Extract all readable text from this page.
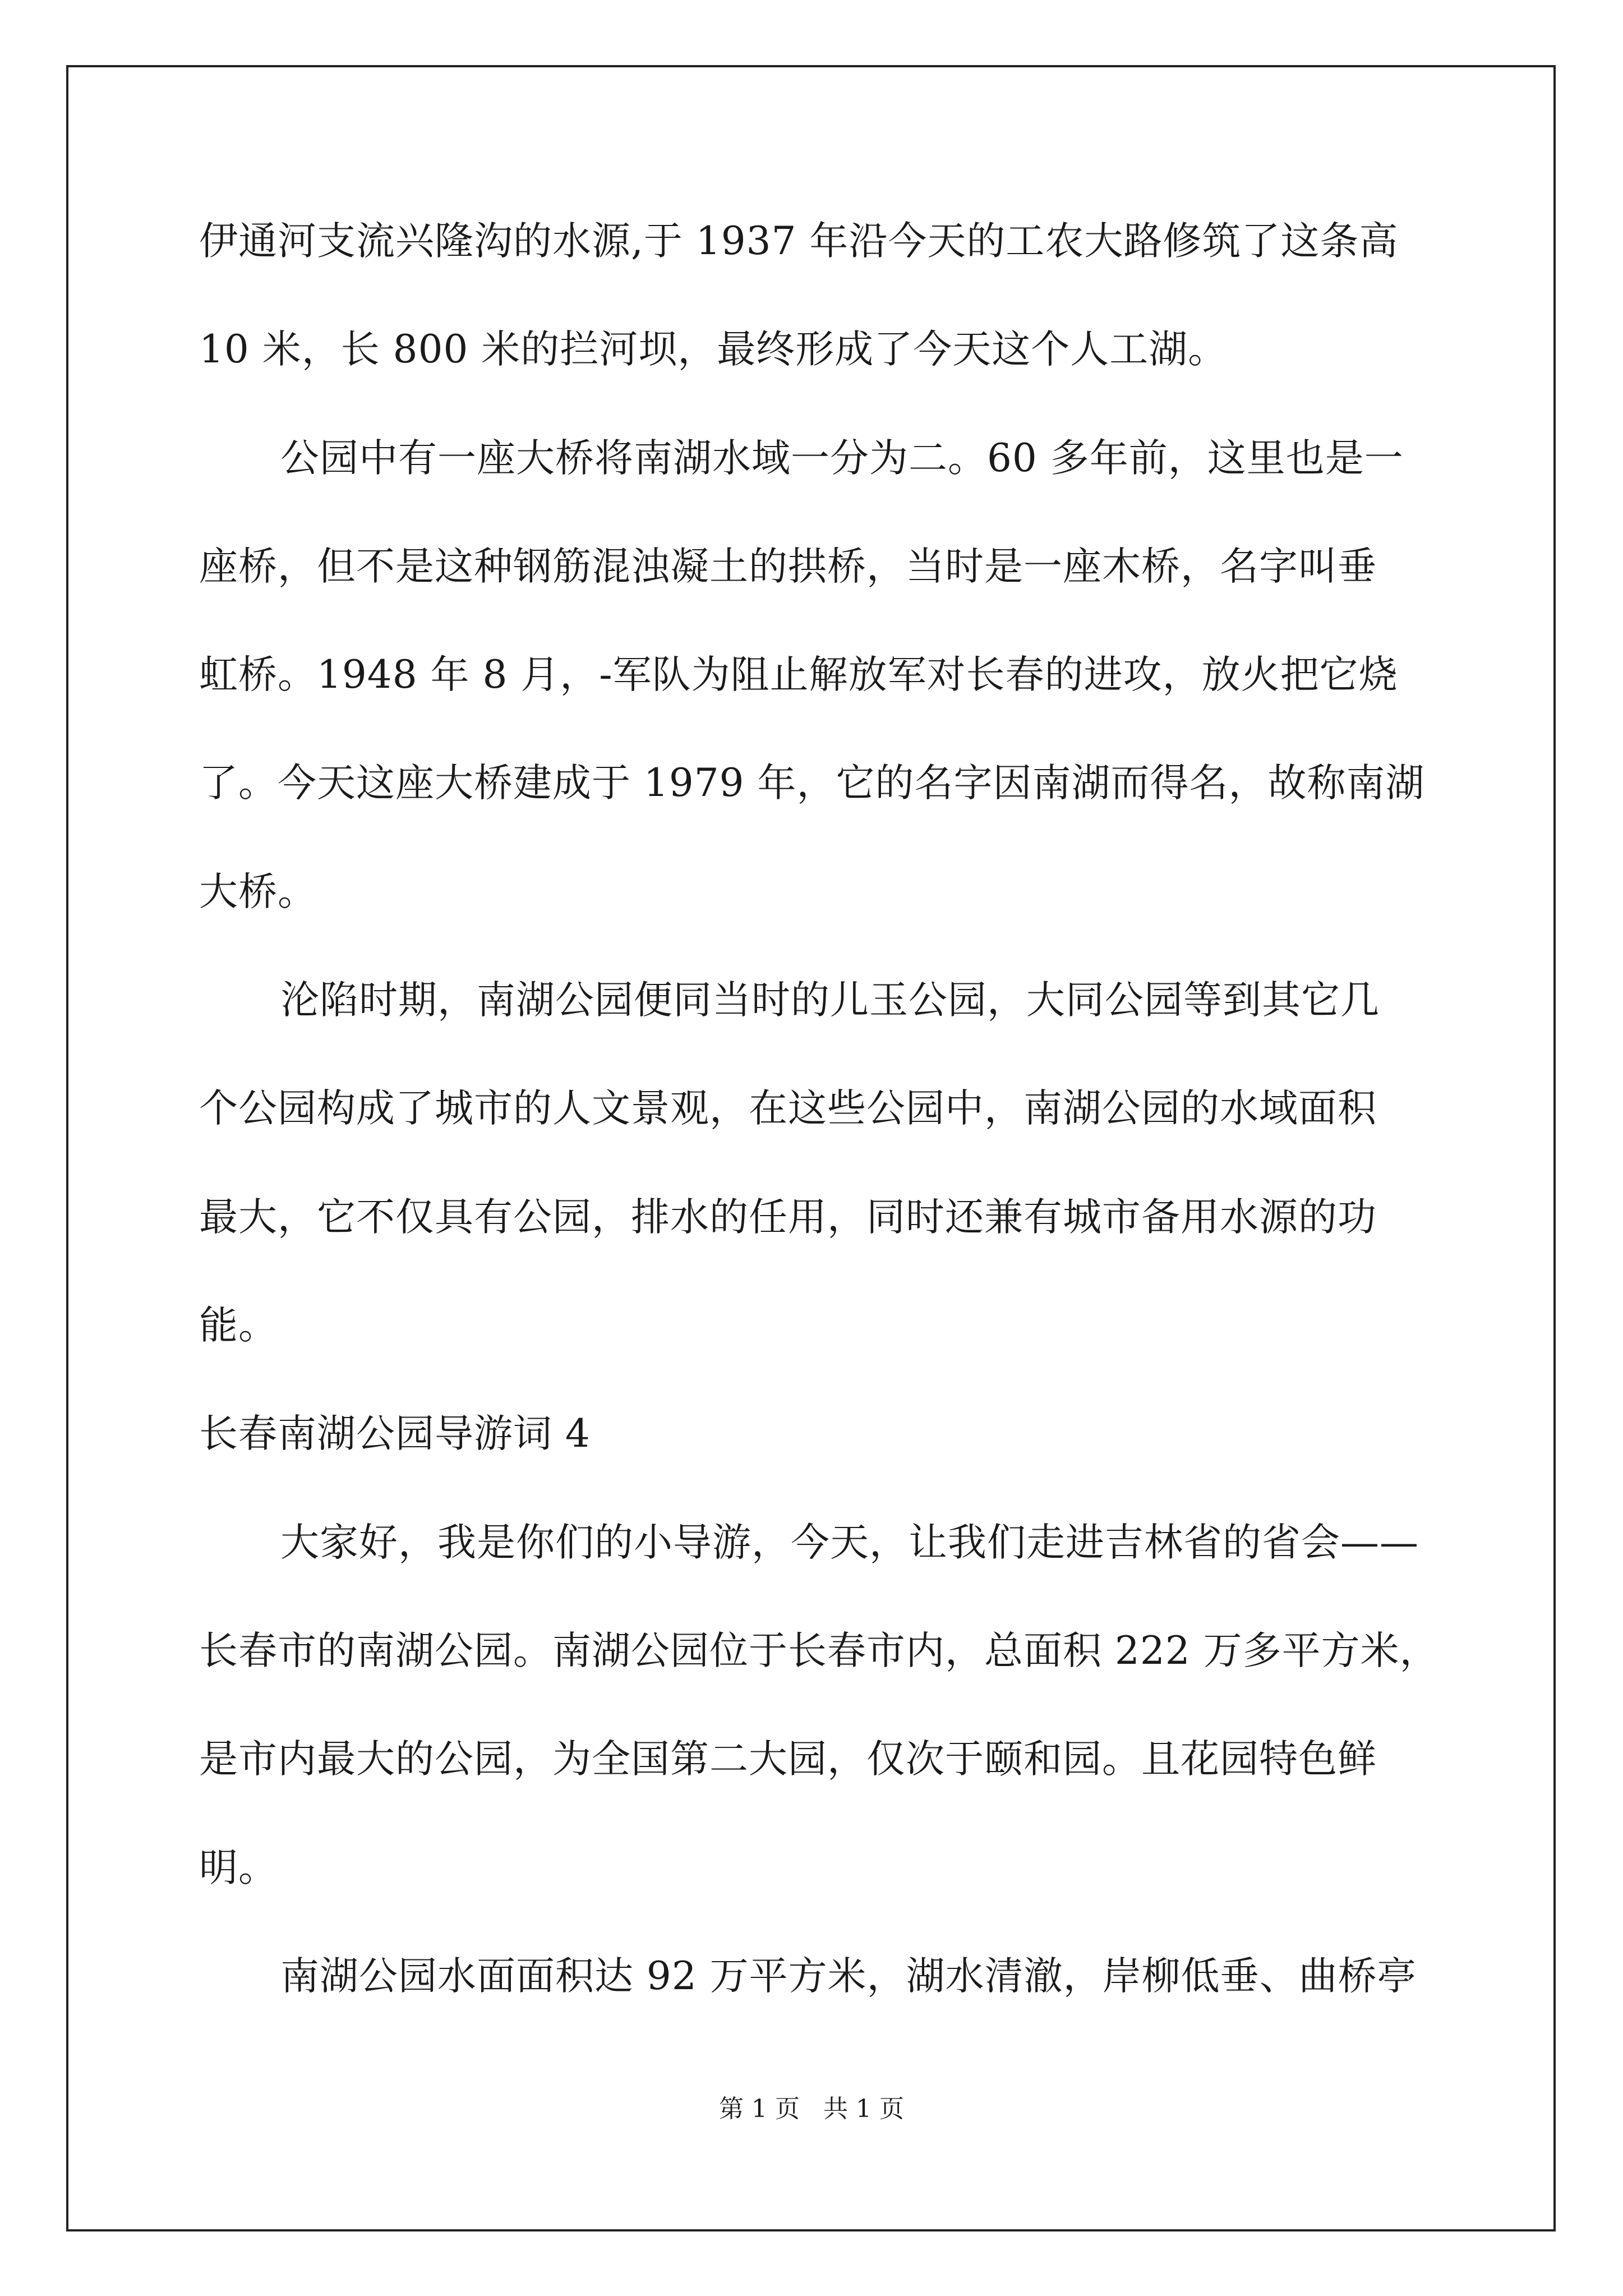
伊通河支流兴隆沟的水源,于 1937 年沿今天的工农大路修筑了这条高
10 米，长 800 米的拦河坝，最终形成了今天这个人工湖。
公园中有一座大桥将南湖水域一分为二。60 多年前，这里也是一
座桥，但不是这种钢筋混浊凝土的拱桥，当时是一座木桥，名字叫垂
虹桥。1948 年 8 月，-军队为阻止解放军对长春的进攻，放火把它烧
了。今天这座大桥建成于 1979 年，它的名字因南湖而得名，故称南湖
大桥。
沦陷时期，南湖公园便同当时的儿玉公园，大同公园等到其它几
个公园构成了城市的人文景观，在这些公园中，南湖公园的水域面积
最大，它不仅具有公园，排水的任用，同时还兼有城市备用水源的功
能。
长春南湖公园导游词 4
大家好，我是你们的小导游，今天，让我们走进吉林省的省会——
长春市的南湖公园。南湖公园位于长春市内，总面积 222 万多平方米，
是市内最大的公园，为全国第二大园，仅次于颐和园。且花园特色鲜
明。
南湖公园水面面积达 92 万平方米，湖水清澈，岸柳低垂、曲桥亭
第 1 页   共 1 页
